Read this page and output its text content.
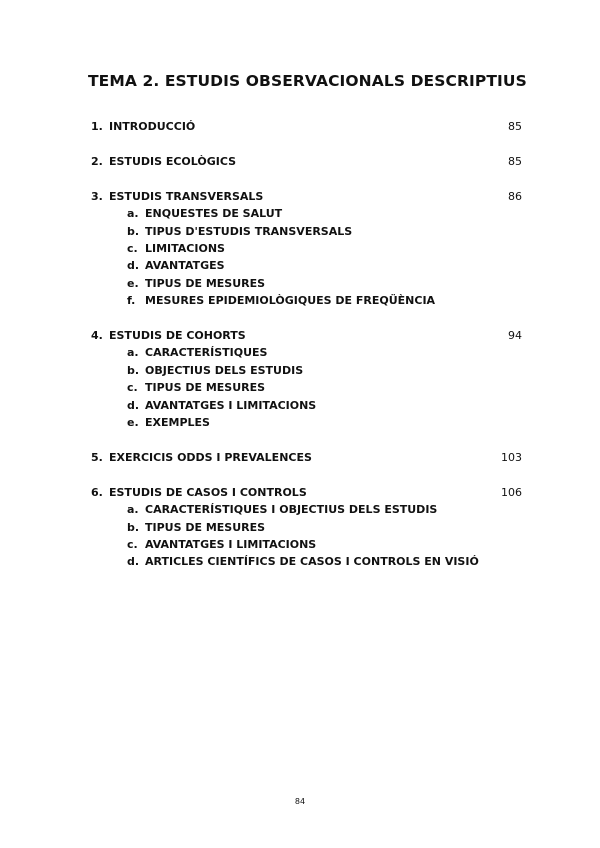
TEMA 2. ESTUDIS OBSERVACIONALS DESCRIPTIUS
1. INTRODUCCIÓ	85
2. ESTUDIS ECOLÒGICS	85
3. ESTUDIS TRANSVERSALS	86
a. ENQUESTES DE SALUT
b. TIPUS D'ESTUDIS TRANSVERSALS
c. LIMITACIONS
d. AVANTATGES
e. TIPUS DE MESURES
f. MESURES EPIDEMIOLÒGIQUES DE FREQÜÈNCIA
4. ESTUDIS DE COHORTS	94
a. CARACTERÍSTIQUES
b. OBJECTIUS DELS ESTUDIS
c. TIPUS DE MESURES
d. AVANTATGES I LIMITACIONS
e. EXEMPLES
5. EXERCICIS ODDS I PREVALENCES	103
6. ESTUDIS DE CASOS I CONTROLS	106
a. CARACTERÍSTIQUES I OBJECTIUS DELS ESTUDIS
b. TIPUS DE MESURES
c. AVANTATGES I LIMITACIONS
d. ARTICLES CIENTÍFICS DE CASOS I CONTROLS EN VISIÓ
84
